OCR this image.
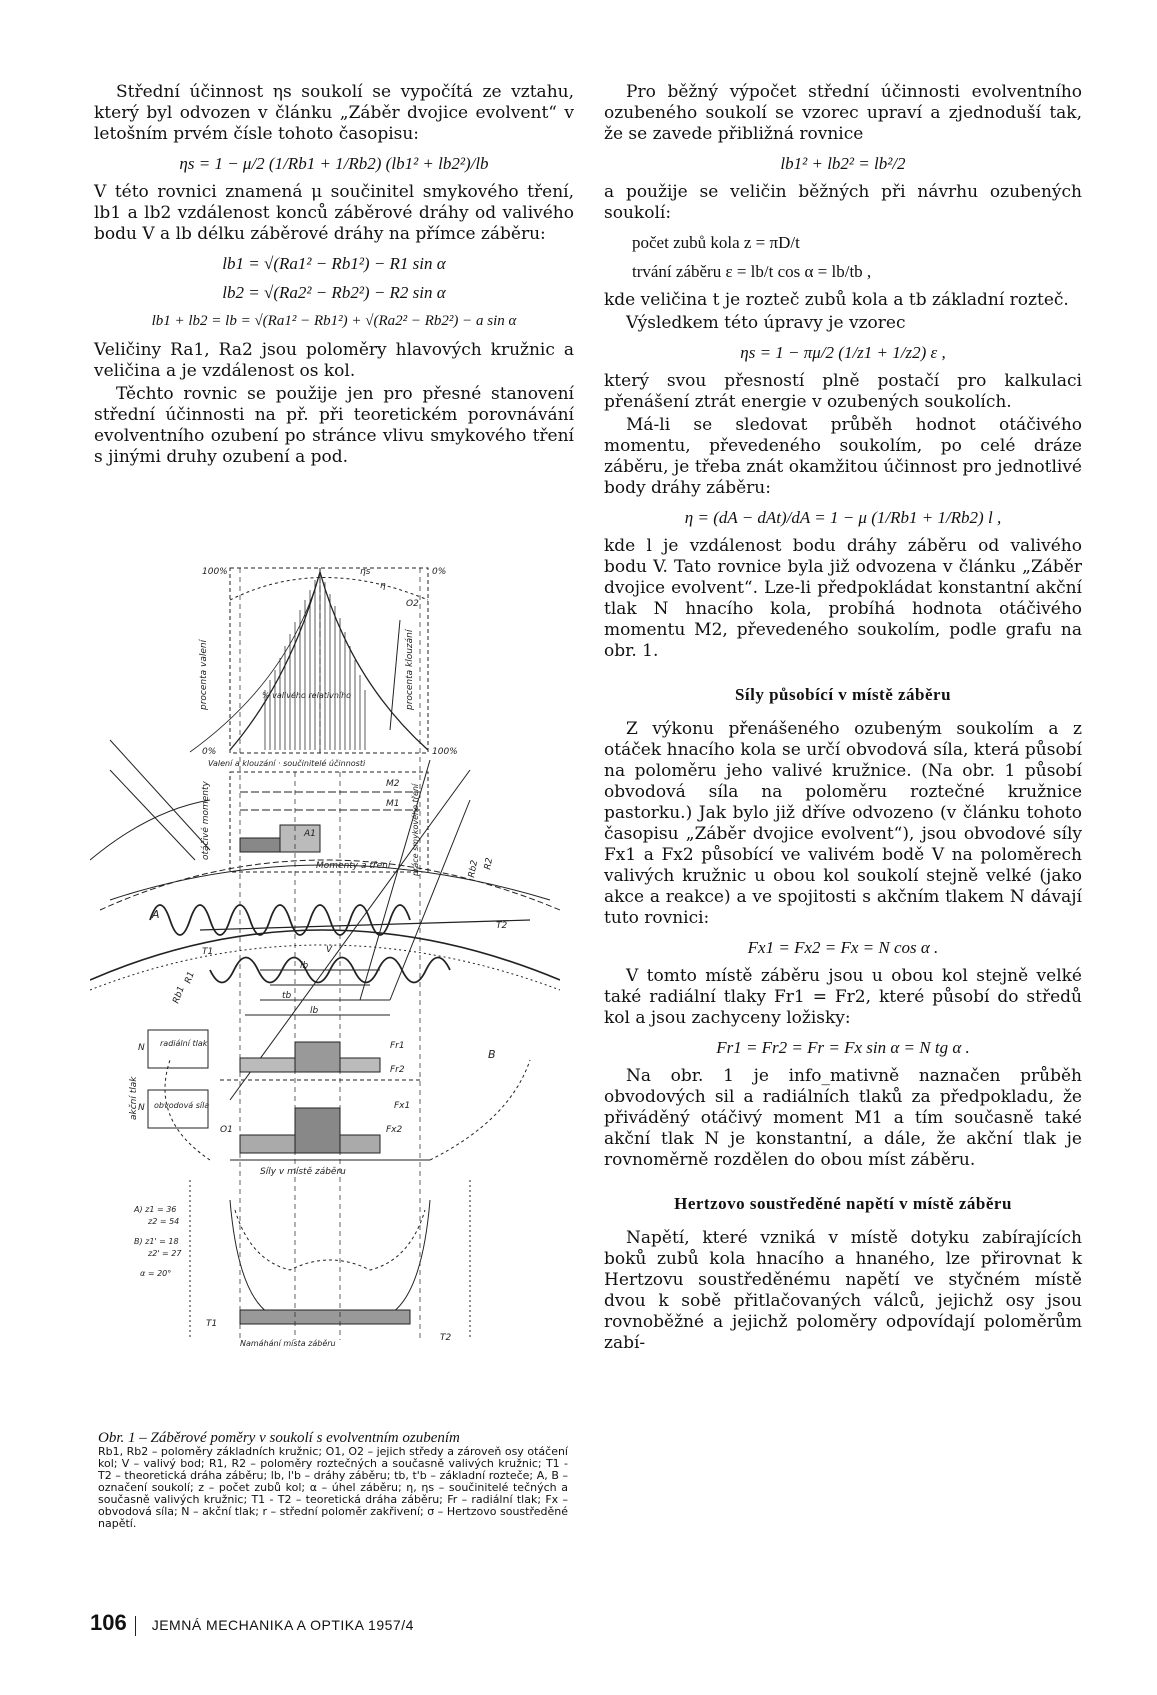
Střední účinnost ηs soukolí se vypočítá ze vztahu, který byl odvozen v článku „Záběr dvojice evolvent“ v letošním prvém čísle tohoto časopisu:

ηs = 1 − μ/2 (1/Rb1 + 1/Rb2) (lb1² + lb2²)/lb

V této rovnici znamená μ součinitel smykového tření, lb1 a lb2 vzdálenost konců záběrové dráhy od valivého bodu V a lb délku záběrové dráhy na přímce záběru:

lb1 = √(Ra1² − Rb1²) − R1 sin α
lb2 = √(Ra2² − Rb2²) − R2 sin α
lb1 + lb2 = lb = √(Ra1² − Rb1²) + √(Ra2² − Rb2²) − a sin α

Veličiny Ra1, Ra2 jsou poloměry hlavových kružnic a veličina a je vzdálenost os kol.

Těchto rovnic se použije jen pro přesné stanovení střední účinnosti na př. při teoretickém porovnávání evolventního ozubení po stránce vlivu smykového tření s jinými druhy ozubení a pod.

100%	0%
0%	100%
ηs
η
O2
% valivého relativního
procenta valení	procenta klouzání
Valení a klouzání · součinitelé účinnosti
M2
M1
A1
otáčivé momenty	práce smykového tření
Momenty a tření
A
B
T1
T2
V
Rb1
R1
Rb2 R2
lb
tb
lb
radiální tlak
obvodová síla
akční tlak
N
N
Fr1
Fr2
Fx1
Fx2
O1
Síly v místě záběru
A) z1 = 36
z2 = 54
B) z1' = 18
z2' = 27
α = 20°
T1
T2
Namáhání místa záběru
Obr. 1 – Záběrové poměry v soukolí s evolventním ozubením
Rb1, Rb2 – poloměry základních kružnic; O1, O2 – jejich středy a zároveň osy otáčení kol; V – valivý bod; R1, R2 – poloměry roztečných a současně valivých kružnic; T1 - T2 – theoretická dráha záběru; lb, l'b – dráhy záběru; tb, t'b – základní rozteče; A, B – označení soukolí; z – počet zubů kol; α – úhel záběru; η, ηs – součinitelé tečných a současně valivých kružnic; T1 - T2 – teoretická dráha záběru; Fr – radiální tlak; Fx – obvodová síla; N – akční tlak; r – střední poloměr zakřivení; σ – Hertzovo soustředěné napětí.

Pro běžný výpočet střední účinnosti evolventního ozubeného soukolí se vzorec upraví a zjednoduší tak, že se zavede přibližná rovnice

lb1² + lb2² = lb²/2

a použije se veličin běžných při návrhu ozubených soukolí:

počet zubů kola z = πD/t
trvání záběru ε = lb/t cos α = lb/tb ,

kde veličina t je rozteč zubů kola a tb základní rozteč.

Výsledkem této úpravy je vzorec

ηs = 1 − πμ/2 (1/z1 + 1/z2) ε ,

který svou přesností plně postačí pro kalkulaci přenášení ztrát energie v ozubených soukolích.

Má-li se sledovat průběh hodnot otáčivého momentu, převedeného soukolím, po celé dráze záběru, je třeba znát okamžitou účinnost pro jednotlivé body dráhy záběru:

η = (dA − dAt)/dA = 1 − μ (1/Rb1 + 1/Rb2) l ,

kde l je vzdálenost bodu dráhy záběru od valivého bodu V. Tato rovnice byla již odvozena v článku „Záběr dvojice evolvent“. Lze-li předpokládat konstantní akční tlak N hnacího kola, probíhá hodnota otáčivého momentu M2, převedeného soukolím, podle grafu na obr. 1.

Síly působící v místě záběru

Z výkonu přenášeného ozubeným soukolím a z otáček hnacího kola se určí obvodová síla, která působí na poloměru jeho valivé kružnice. (Na obr. 1 působí obvodová síla na poloměru roztečné kružnice pastorku.) Jak bylo již dříve odvozeno (v článku tohoto časopisu „Záběr dvojice evolvent“), jsou obvodové síly Fx1 a Fx2 působící ve valivém bodě V na poloměrech valivých kružnic u obou kol soukolí stejně velké (jako akce a reakce) a ve spojitosti s akčním tlakem N dávají tuto rovnici:

Fx1 = Fx2 = Fx = N cos α .

V tomto místě záběru jsou u obou kol stejně velké také radiální tlaky Fr1 = Fr2, které působí do středů kol a jsou zachyceny ložisky:

Fr1 = Fr2 = Fr = Fx sin α = N tg α .

Na obr. 1 je info_mativně naznačen průběh obvodových sil a radiálních tlaků za předpokladu, že přiváděný otáčivý moment M1 a tím současně také akční tlak N je konstantní, a dále, že akční tlak je rovnoměrně rozdělen do obou míst záběru.

Hertzovo soustředěné napětí v místě záběru

Napětí, které vzniká v místě dotyku zabírajících boků zubů kola hnacího a hnaného, lze přirovnat k Hertzovu soustředěnému napětí ve styčném místě dvou k sobě přitlačovaných válců, jejichž osy jsou rovnoběžné a jejichž poloměry odpovídají poloměrům zabí-

106 JEMNÁ MECHANIKA A OPTIKA 1957/4
